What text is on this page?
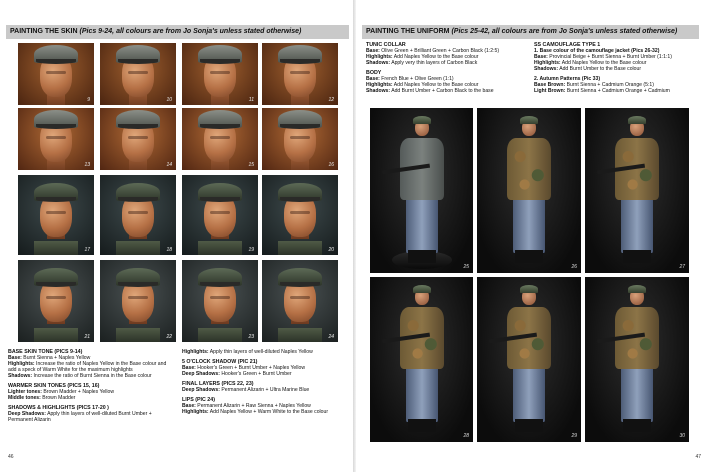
PAINTING THE SKIN (Pics 9-24, all colours are from Jo Sonja's unless stated otherwise)
9	10	11	12
13	14	15	16
17	18	19	20
21	22	23	24

BASE SKIN TONE (PICS 9-14)

Base: Burnt Sienna + Naples Yellow

Highlights: Increase the ratio of Naples Yellow in the Base colour and add a speck of Warm White for the maximum highlights

Shadows: Increase the ratio of Burnt Sienna in the Base colour

WARMER SKIN TONES (PICS 15, 16)

Lighter tones: Brown Madder + Naples Yellow

Middle tones: Brown Madder

SHADOWS & HIGHLIGHTS (PICS 17-20 )

Deep Shadows: Apply thin layers of well-diluted Burnt Umber + Permanent Alizarin

Highlights: Apply thin layers of well-diluted Naples Yellow

5 O'CLOCK SHADOW (PIC 21)

Base: Hooker's Green + Burnt Umber + Naples Yellow

Deep Shadows: Hooker's Green + Burnt Umber

FINAL LAYERS (PICS 22, 23)

Deep Shadows: Permanent Alizarin + Ultra Marine Blue

LIPS (PIC 24)

Base: Permanent Alizarin + Raw Sienna + Naples Yellow

Highlights: Add Naples Yellow + Warm White to the Base colour

46
PAINTING THE UNIFORM (Pics 25-42, all colours are from Jo Sonja's unless stated otherwise)

TUNIC COLLAR

Base: Olive Green + Brilliant Green + Carbon Black (1:2:5)

Highlights: Add Naples Yellow to the Base colour

Shadows: Apply very thin layers of Carbon Black

BODY

Base: French Blue + Olive Green (1:1)

Highlights: Add Naples Yellow to the Base colour

Shadows: Add Burnt Umber + Carbon Black to the base

SS CAMOUFLAGE TYPE 1

1. Base colour of the camouflage jacket (Pics 26-32)

Base: Provincial Beige + Burnt Sienna + Burnt Umber (1:1:1)

Highlights: Add Naples Yellow to the Base colour

Shadows: Add Burnt Umber to the Base colour

2. Autumn Patterns (Pic 33)

Base Brown: Burnt Sienna + Cadmium Orange (5:1)

Light Brown: Burnt Sienna + Cadmium Orange + Cadmium

25	26	27
28	29	30
47
